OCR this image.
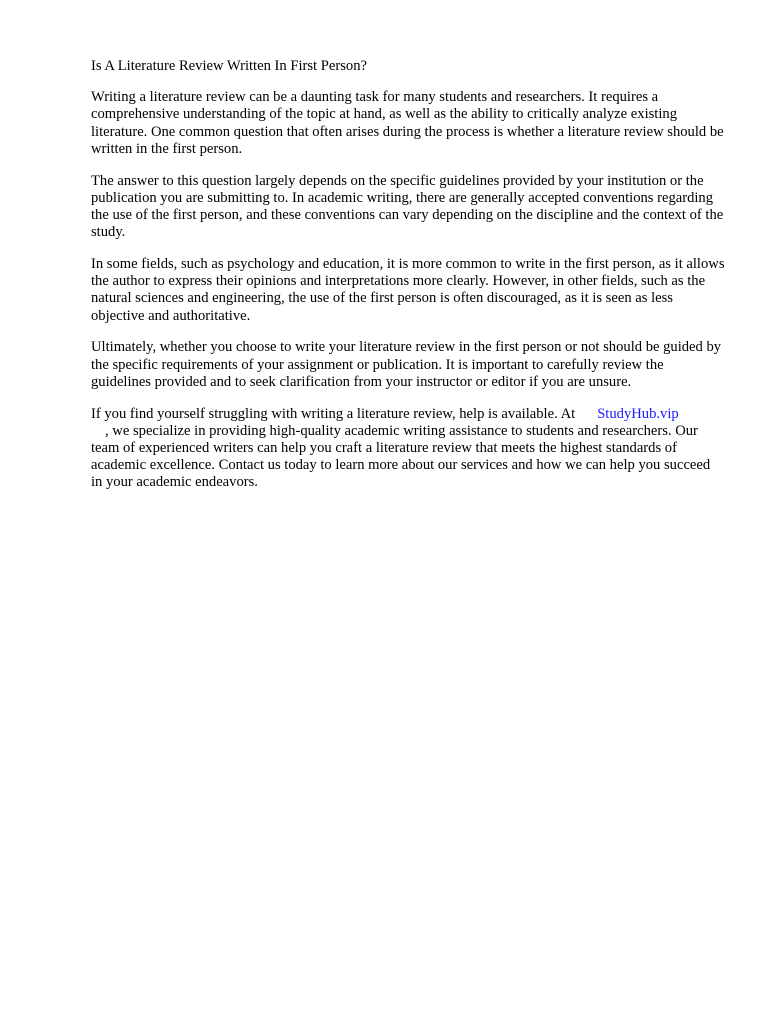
Is A Literature Review Written In First Person?

Writing a literature review can be a daunting task for many students and researchers. It requires a comprehensive understanding of the topic at hand, as well as the ability to critically analyze existing literature. One common question that often arises during the process is whether a literature review should be written in the first person.

The answer to this question largely depends on the specific guidelines provided by your institution or the publication you are submitting to. In academic writing, there are generally accepted conventions regarding the use of the first person, and these conventions can vary depending on the discipline and the context of the study.

In some fields, such as psychology and education, it is more common to write in the first person, as it allows the author to express their opinions and interpretations more clearly. However, in other fields, such as the natural sciences and engineering, the use of the first person is often discouraged, as it is seen as less objective and authoritative.

Ultimately, whether you choose to write your literature review in the first person or not should be guided by the specific requirements of your assignment or publication. It is important to carefully review the guidelines provided and to seek clarification from your instructor or editor if you are unsure.

If you find yourself struggling with writing a literature review, help is available. At StudyHub.vip
, we specialize in providing high-quality academic writing assistance to students and researchers. Our team of experienced writers can help you craft a literature review that meets the highest standards of academic excellence. Contact us today to learn more about our services and how we can help you succeed in your academic endeavors.
